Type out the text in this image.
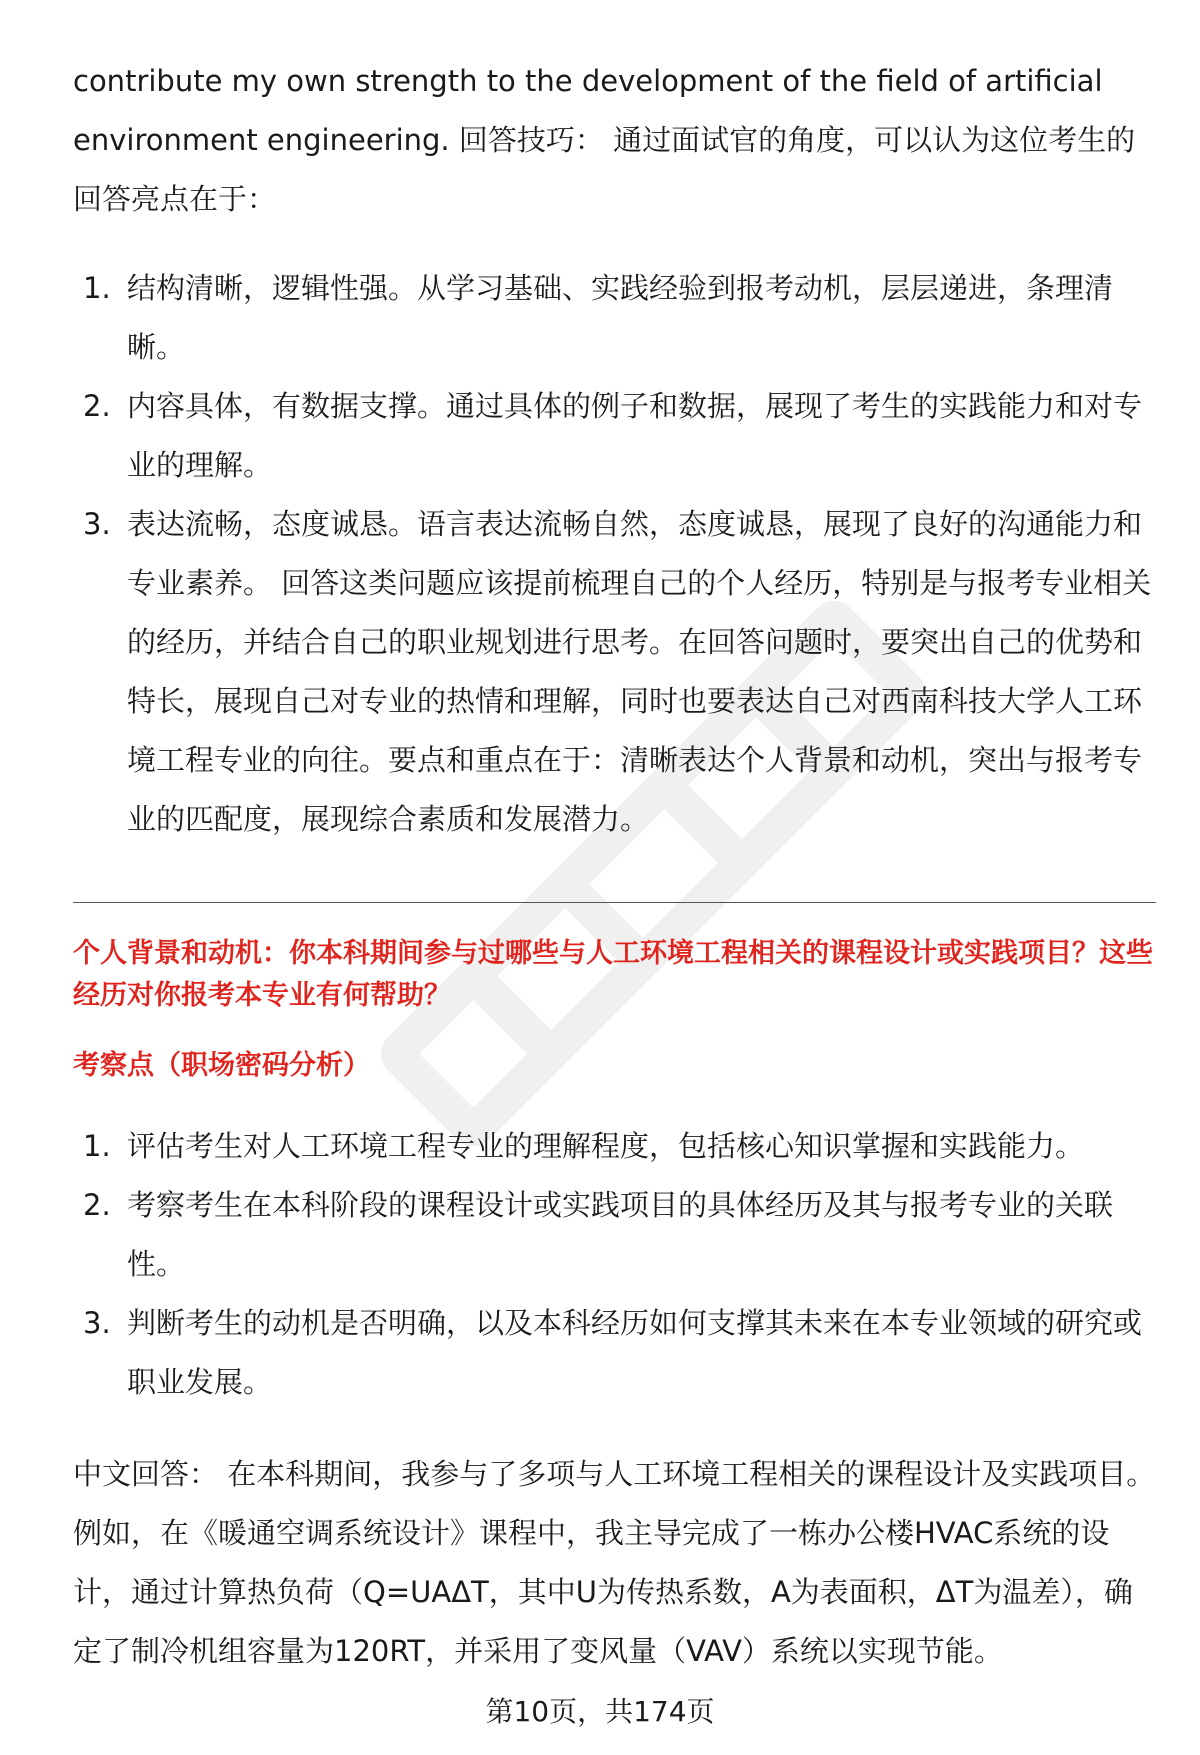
contribute my own strength to the development of the field of artificial environment engineering. 回答技巧： 通过面试官的角度，可以认为这位考生的回答亮点在于：

1. 结构清晰，逻辑性强。从学习基础、实践经验到报考动机，层层递进，条理清晰。
2. 内容具体，有数据支撑。通过具体的例子和数据，展现了考生的实践能力和对专业的理解。
3. 表达流畅，态度诚恳。语言表达流畅自然，态度诚恳，展现了良好的沟通能力和专业素养。 回答这类问题应该提前梳理自己的个人经历，特别是与报考专业相关的经历，并结合自己的职业规划进行思考。在回答问题时，要突出自己的优势和特长，展现自己对专业的热情和理解，同时也要表达自己对西南科技大学人工环境工程专业的向往。要点和重点在于：清晰表达个人背景和动机，突出与报考专业的匹配度，展现综合素质和发展潜力。
个人背景和动机：你本科期间参与过哪些与人工环境工程相关的课程设计或实践项目？这些经历对你报考本专业有何帮助？
考察点（职场密码分析）
1. 评估考生对人工环境工程专业的理解程度，包括核心知识掌握和实践能力。
2. 考察考生在本科阶段的课程设计或实践项目的具体经历及其与报考专业的关联性。
3. 判断考生的动机是否明确，以及本科经历如何支撑其未来在本专业领域的研究或职业发展。

中文回答： 在本科期间，我参与了多项与人工环境工程相关的课程设计及实践项目。例如，在《暖通空调系统设计》课程中，我主导完成了一栋办公楼HVAC系统的设计，通过计算热负荷（Q=UAΔT，其中U为传热系数，A为表面积，ΔT为温差），确定了制冷机组容量为120RT，并采用了变风量（VAV）系统以实现节能。

第10页，共174页
